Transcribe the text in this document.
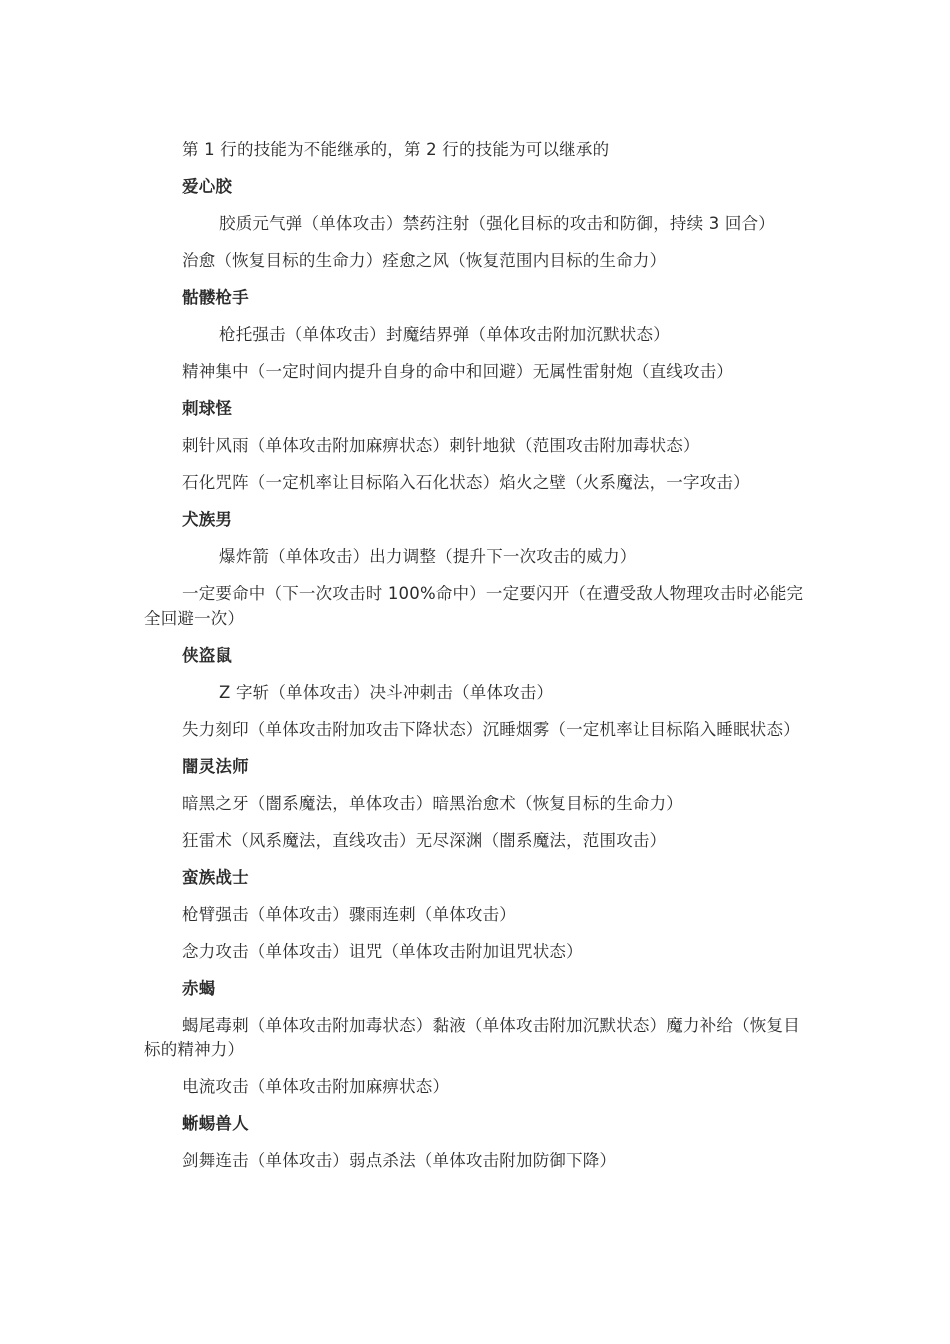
第 1 行的技能为不能继承的，第 2 行的技能为可以继承的

爱心胶

胶质元气弹（单体攻击）禁药注射（强化目标的攻击和防御，持续 3 回合）

治愈（恢复目标的生命力）痊愈之风（恢复范围内目标的生命力）

骷髅枪手

枪托强击（单体攻击）封魔结界弹（单体攻击附加沉默状态）

精神集中（一定时间内提升自身的命中和回避）无属性雷射炮（直线攻击）

刺球怪

刺针风雨（单体攻击附加麻痹状态）刺针地狱（范围攻击附加毒状态）

石化咒阵（一定机率让目标陷入石化状态）焰火之壁（火系魔法，一字攻击）

犬族男

爆炸箭（单体攻击）出力调整（提升下一次攻击的威力）

一定要命中（下一次攻击时 100%命中）一定要闪开（在遭受敌人物理攻击时必能完全回避一次）

侠盗鼠

Z 字斩（单体攻击）决斗冲刺击（单体攻击）

失力刻印（单体攻击附加攻击下降状态）沉睡烟雾（一定机率让目标陷入睡眠状态）

闇灵法师

暗黑之牙（闇系魔法，单体攻击）暗黑治愈术（恢复目标的生命力）

狂雷术（风系魔法，直线攻击）无尽深渊（闇系魔法，范围攻击）

蛮族战士

枪臂强击（单体攻击）骤雨连刺（单体攻击）

念力攻击（单体攻击）诅咒（单体攻击附加诅咒状态）

赤蝎

蝎尾毒刺（单体攻击附加毒状态）黏液（单体攻击附加沉默状态）魔力补给（恢复目标的精神力）

电流攻击（单体攻击附加麻痹状态）

蜥蜴兽人

剑舞连击（单体攻击）弱点杀法（单体攻击附加防御下降）
